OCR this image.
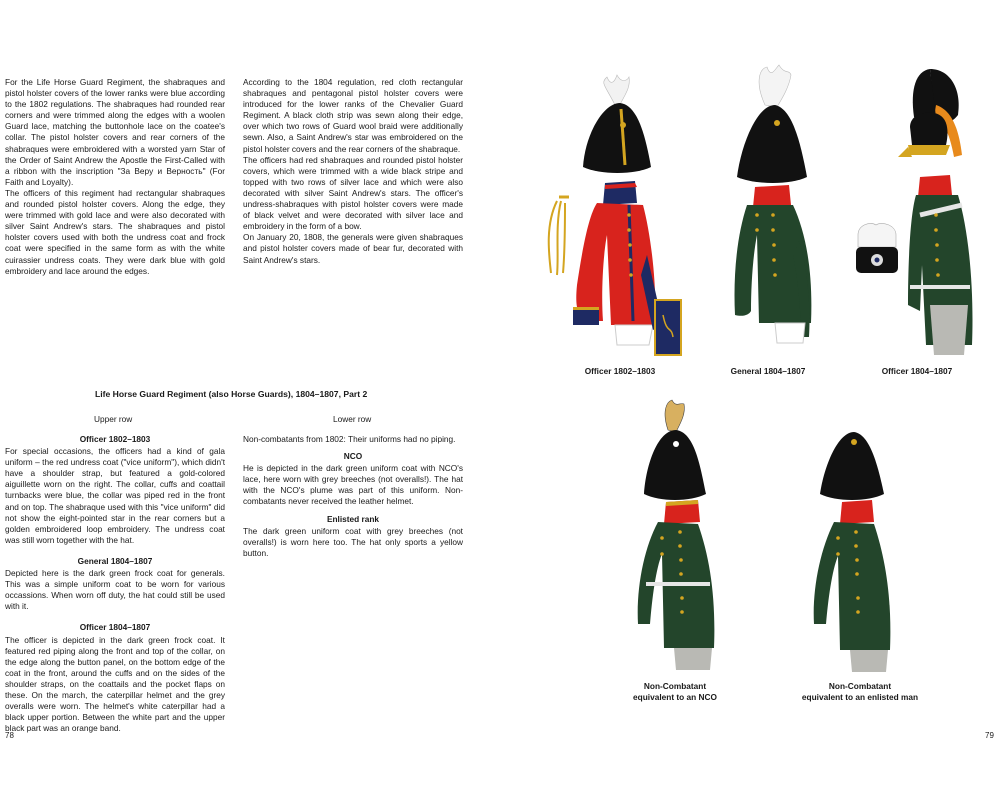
For the Life Horse Guard Regiment, the shabraques and pistol holster covers of the lower ranks were blue according to the 1802 regulations. The shabraques had rounded rear corners and were trimmed along the edges with a woolen Guard lace, matching the buttonhole lace on the coatee's collar. The pistol holster covers and rear corners of the shabraques were embroidered with a worsted yarn Star of the Order of Saint Andrew the Apostle the First-Called with a ribbon with the inscription "За Веру и Верность" (For Faith and Loyalty).

The officers of this regiment had rectangular shabraques and rounded pistol holster covers. Along the edge, they were trimmed with gold lace and were also decorated with silver Saint Andrew's stars. The shabraques and pistol holster covers used with both the undress coat and frock coat were specified in the same form as with the white cuirassier undress coats. They were dark blue with gold embroidery and lace around the edges.

According to the 1804 regulation, red cloth rectangular shabraques and pentagonal pistol holster covers were introduced for the lower ranks of the Chevalier Guard Regiment. A black cloth strip was sewn along their edge, over which two rows of Guard wool braid were additionally sewn. Also, a Saint Andrew's star was embroidered on the pistol holster covers and the rear corners of the shabraque.

The officers had red shabraques and rounded pistol holster covers, which were trimmed with a wide black stripe and topped with two rows of silver lace and which were also decorated with silver Saint Andrew's stars. The officer's undress-shabraques with pistol holster covers were made of black velvet and were decorated with silver lace and embroidery in the form of a bow.

On January 20, 1808, the generals were given shabraques and pistol holster covers made of bear fur, decorated with Saint Andrew's stars.

Life Horse Guard Regiment (also Horse Guards), 1804–1807, Part 2
Upper row	Lower row
Officer 1802–1803

For special occasions, the officers had a kind of gala uniform – the red undress coat ("vice uniform"), which didn't have a shoulder strap, but featured a gold-colored aiguillette worn on the right. The collar, cuffs and coattail turnbacks were blue, the collar was piped red in the front and on top. The shabraque used with this "vice uniform" did not show the eight-pointed star in the rear corners but a golden embroidered loop embroidery. The undress coat was still worn together with the hat.

General 1804–1807

Depicted here is the dark green frock coat for generals. This was a simple uniform coat to be worn for various occassions. When worn off duty, the hat could still be used with it.

Officer 1804–1807

The officer is depicted in the dark green frock coat. It featured red piping along the front and top of the collar, on the edge along the button panel, on the bottom edge of the coat in the front, around the cuffs and on the sides of the shoulder straps, on the coattails and the pocket flaps on these. On the march, the caterpillar helmet and the grey overalls were worn. The helmet's white caterpillar had a black upper portion. Between the white part and the upper black part was an orange band.

Non-combatants from 1802: Their uniforms had no piping.

NCO

He is depicted in the dark green uniform coat with NCO's lace, here worn with grey breeches (not overalls!). The hat with the NCO's plume was part of this uniform. Non-combatants never received the leather helmet.

Enlisted rank

The dark green uniform coat with grey breeches (not overalls!) is worn here too. The hat only sports a yellow button.

78	79
Officer 1802–1803	General 1804–1807	Officer 1804–1807
Non-Combatant
equivalent to an NCO
Non-Combatant
equivalent to an enlisted man
